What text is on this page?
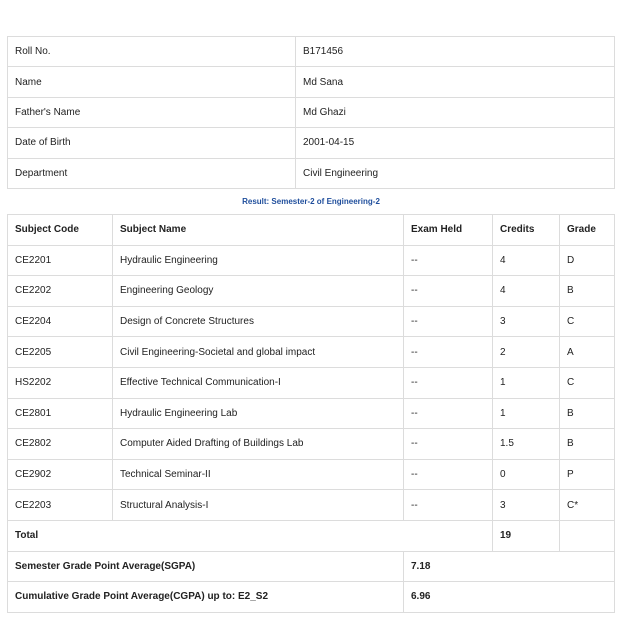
Roll No.	B171456
Name	Md Sana
Father's Name	Md Ghazi
Date of Birth	2001-04-15
Department	Civil Engineering
Result: Semester-2 of Engineering-2
Subject Code	Subject Name	Exam Held	Credits	Grade
CE2201	Hydraulic Engineering	--	4	D
CE2202	Engineering Geology	--	4	B
CE2204	Design of Concrete Structures	--	3	C
CE2205	Civil Engineering-Societal and global impact	--	2	A
HS2202	Effective Technical Communication-I	--	1	C
CE2801	Hydraulic Engineering Lab	--	1	B
CE2802	Computer Aided Drafting of Buildings Lab	--	1.5	B
CE2902	Technical Seminar-II	--	0	P
CE2203	Structural Analysis-I	--	3	C*
Total			19	
Semester Grade Point Average(SGPA)		7.18		
Cumulative Grade Point Average(CGPA) up to: E2_S2		6.96		
